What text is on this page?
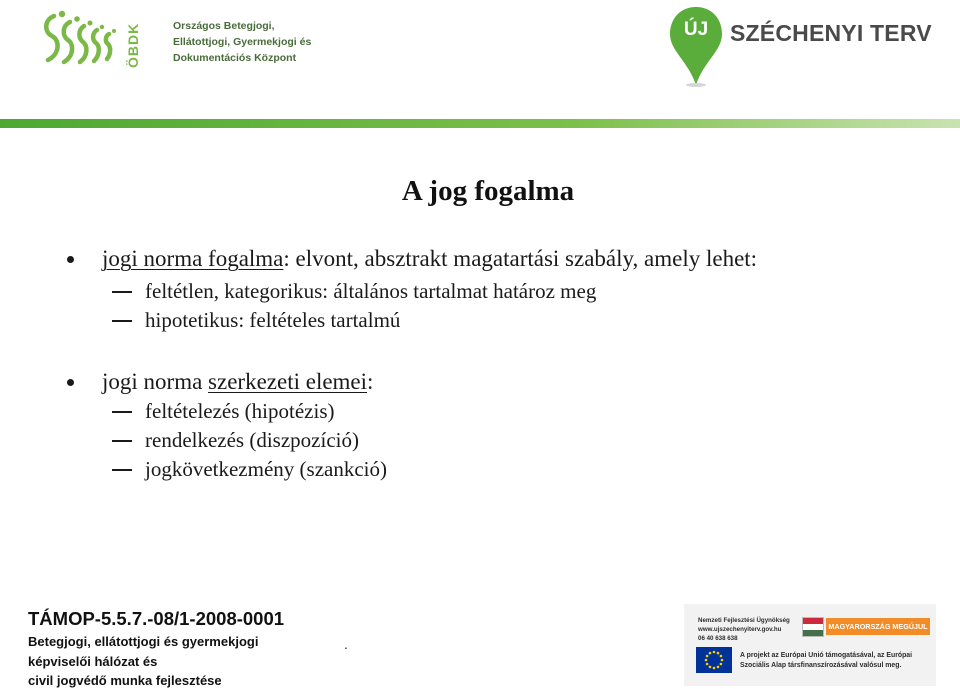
ÖBDK	Országos Betegjogi,
Ellátottjogi, Gyermekjogi és
Dokumentációs Központ
ÚJ SZÉCHENYI TERV
A jog fogalma
jogi norma fogalma: elvont, absztrakt magatartási szabály, amely lehet:
feltétlen, kategorikus: általános tartalmat határoz meg
hipotetikus: feltételes tartalmú
jogi norma szerkezeti elemei:
feltételezés (hipotézis)
rendelkezés (diszpozíció)
jogkövetkezmény (szankció)
TÁMOP-5.5.7.-08/1-2008-0001
Betegjogi, ellátottjogi és gyermekjogi
képviselői hálózat és
civil jogvédő munka fejlesztése
.
Nemzeti Fejlesztési Ügynökség
www.ujszechenyiterv.gov.hu
06 40 638 638
MAGYARORSZÁG MEGÚJUL
A projekt az Európai Unió támogatásával, az Európai
Szociális Alap társfinanszírozásával valósul meg.
